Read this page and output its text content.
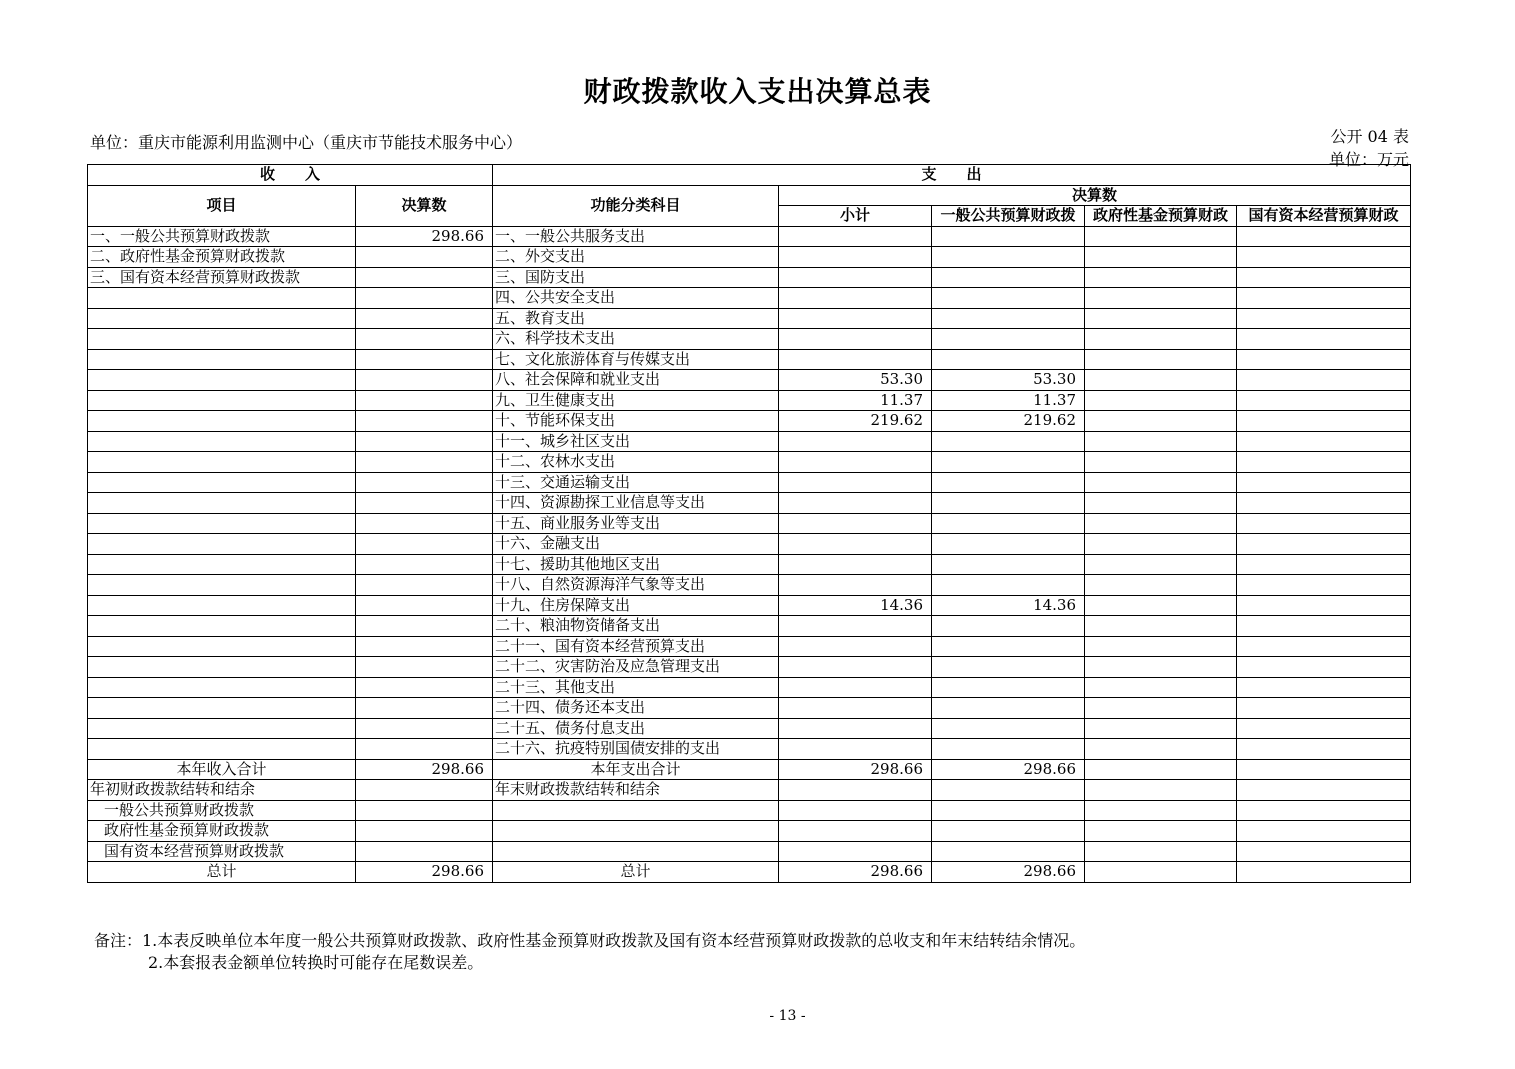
财政拨款收入支出决算总表
单位：重庆市能源利用监测中心（重庆市节能技术服务中心）	公开 04 表
单位：万元
收　　入		支　　出				
项目	决算数	功能分类科目	决算数			
			小计	一般公共预算财政拨	政府性基金预算财政	国有资本经营预算财政
一、一般公共预算财政拨款	298.66	一、一般公共服务支出				
二、政府性基金预算财政拨款		二、外交支出				
三、国有资本经营预算财政拨款		三、国防支出				
		四、公共安全支出				
		五、教育支出				
		六、科学技术支出				
		七、文化旅游体育与传媒支出				
		八、社会保障和就业支出	53.30	53.30		
		九、卫生健康支出	11.37	11.37		
		十、节能环保支出	219.62	219.62		
		十一、城乡社区支出				
		十二、农林水支出				
		十三、交通运输支出				
		十四、资源勘探工业信息等支出				
		十五、商业服务业等支出				
		十六、金融支出				
		十七、援助其他地区支出				
		十八、自然资源海洋气象等支出				
		十九、住房保障支出	14.36	14.36		
		二十、粮油物资储备支出				
		二十一、国有资本经营预算支出				
		二十二、灾害防治及应急管理支出				
		二十三、其他支出				
		二十四、债务还本支出				
		二十五、债务付息支出				
		二十六、抗疫特别国债安排的支出				
本年收入合计	298.66	本年支出合计	298.66	298.66		
年初财政拨款结转和结余		年末财政拨款结转和结余				
一般公共预算财政拨款						
政府性基金预算财政拨款						
国有资本经营预算财政拨款						
总计	298.66	总计	298.66	298.66		
备注：1.本表反映单位本年度一般公共预算财政拨款、政府性基金预算财政拨款及国有资本经营预算财政拨款的总收支和年末结转结余情况。
2.本套报表金额单位转换时可能存在尾数误差。
- 13 -
